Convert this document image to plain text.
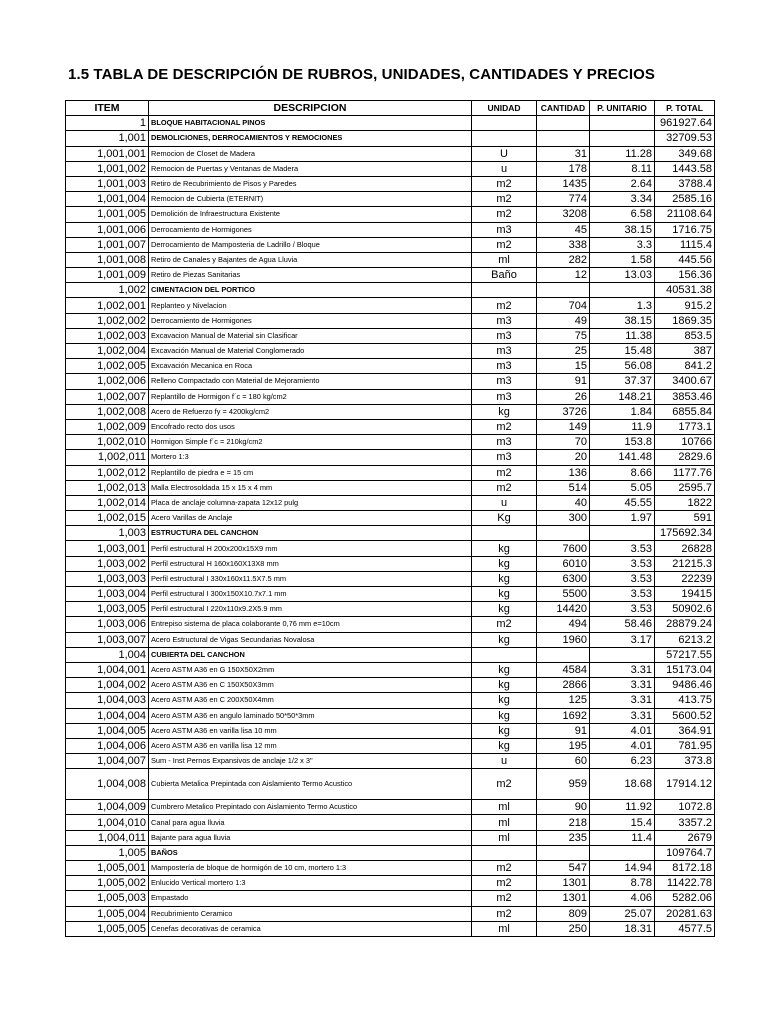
1.5 TABLA DE DESCRIPCIÓN DE RUBROS, UNIDADES, CANTIDADES Y PRECIOS
ITEM	DESCRIPCION	UNIDAD	CANTIDAD	P. UNITARIO	P. TOTAL
1	BLOQUE HABITACIONAL PINOS				961927.64
1,001	DEMOLICIONES, DERROCAMIENTOS Y REMOCIONES				32709.53
1,001,001	Remocion de Closet de Madera	U	31	11.28	349.68
1,001,002	Remocion de Puertas y Ventanas de Madera	u	178	8.11	1443.58
1,001,003	Retiro de Recubrimiento de Pisos y Paredes	m2	1435	2.64	3788.4
1,001,004	Remocion de Cubierta (ETERNIT)	m2	774	3.34	2585.16
1,001,005	Demolición de Infraestructura Existente	m2	3208	6.58	21108.64
1,001,006	Derrocamiento de Hormigones	m3	45	38.15	1716.75
1,001,007	Derrocamiento de Mamposteria de Ladrillo / Bloque	m2	338	3.3	1115.4
1,001,008	Retiro de Canales y Bajantes de Agua Lluvia	ml	282	1.58	445.56
1,001,009	Retiro de Piezas Sanitarias	Baño	12	13.03	156.36
1,002	CIMENTACION DEL PORTICO				40531.38
1,002,001	Replanteo y Nivelacion	m2	704	1.3	915.2
1,002,002	Derrocamiento de Hormigones	m3	49	38.15	1869.35
1,002,003	Excavacion Manual de Material sin Clasificar	m3	75	11.38	853.5
1,002,004	Excavación Manual de Material Conglomerado	m3	25	15.48	387
1,002,005	Excavación Mecanica en Roca	m3	15	56.08	841.2
1,002,006	Relleno Compactado con Material de Mejoramiento	m3	91	37.37	3400.67
1,002,007	Replantillo de Hormigon f´c = 180 kg/cm2	m3	26	148.21	3853.46
1,002,008	Acero de Refuerzo fy = 4200kg/cm2	kg	3726	1.84	6855.84
1,002,009	Encofrado recto dos usos	m2	149	11.9	1773.1
1,002,010	Hormigon Simple f´c = 210kg/cm2	m3	70	153.8	10766
1,002,011	Mortero 1:3	m3	20	141.48	2829.6
1,002,012	Replantillo de piedra e = 15 cm	m2	136	8.66	1177.76
1,002,013	Malla Electrosoldada 15 x 15 x 4 mm	m2	514	5.05	2595.7
1,002,014	Placa de anclaje columna-zapata 12x12 pulg	u	40	45.55	1822
1,002,015	Acero Varillas de Anclaje	Kg	300	1.97	591
1,003	ESTRUCTURA DEL CANCHON				175692.34
1,003,001	Perfil estructural H 200x200x15X9 mm	kg	7600	3.53	26828
1,003,002	Perfil estructural H 160x160X13X8 mm	kg	6010	3.53	21215.3
1,003,003	Perfil estructural I 330x160x11.5X7.5 mm	kg	6300	3.53	22239
1,003,004	Perfil estructural I 300x150X10.7x7.1 mm	kg	5500	3.53	19415
1,003,005	Perfil estructural I 220x110x9.2X5.9 mm	kg	14420	3.53	50902.6
1,003,006	Entrepiso sistema de placa colaborante 0,76 mm e=10cm	m2	494	58.46	28879.24
1,003,007	Acero Estructural de Vigas Secundarias Novalosa	kg	1960	3.17	6213.2
1,004	CUBIERTA DEL CANCHON				57217.55
1,004,001	Acero ASTM A36 en G 150X50X2mm	kg	4584	3.31	15173.04
1,004,002	Acero ASTM A36 en C 150X50X3mm	kg	2866	3.31	9486.46
1,004,003	Acero ASTM A36 en C 200X50X4mm	kg	125	3.31	413.75
1,004,004	Acero ASTM A36 en angulo laminado 50*50*3mm	kg	1692	3.31	5600.52
1,004,005	Acero ASTM A36 en varilla lisa 10 mm	kg	91	4.01	364.91
1,004,006	Acero ASTM A36 en varilla lisa 12 mm	kg	195	4.01	781.95
1,004,007	Sum - Inst Pernos Expansivos de anclaje 1/2 x 3"	u	60	6.23	373.8
1,004,008	Cubierta Metalica Prepintada con Aislamiento Termo Acustico	m2	959	18.68	17914.12
1,004,009	Cumbrero Metalico Prepintado con Aislamiento Termo Acustico	ml	90	11.92	1072.8
1,004,010	Canal para agua lluvia	ml	218	15.4	3357.2
1,004,011	Bajante para agua lluvia	ml	235	11.4	2679
1,005	BAÑOS				109764.7
1,005,001	Mampostería de bloque de hormigón de 10 cm, mortero 1:3	m2	547	14.94	8172.18
1,005,002	Enlucido Vertical mortero 1:3	m2	1301	8.78	11422.78
1,005,003	Empastado	m2	1301	4.06	5282.06
1,005,004	Recubrimiento Ceramico	m2	809	25.07	20281.63
1,005,005	Cenefas decorativas de ceramica	ml	250	18.31	4577.5
